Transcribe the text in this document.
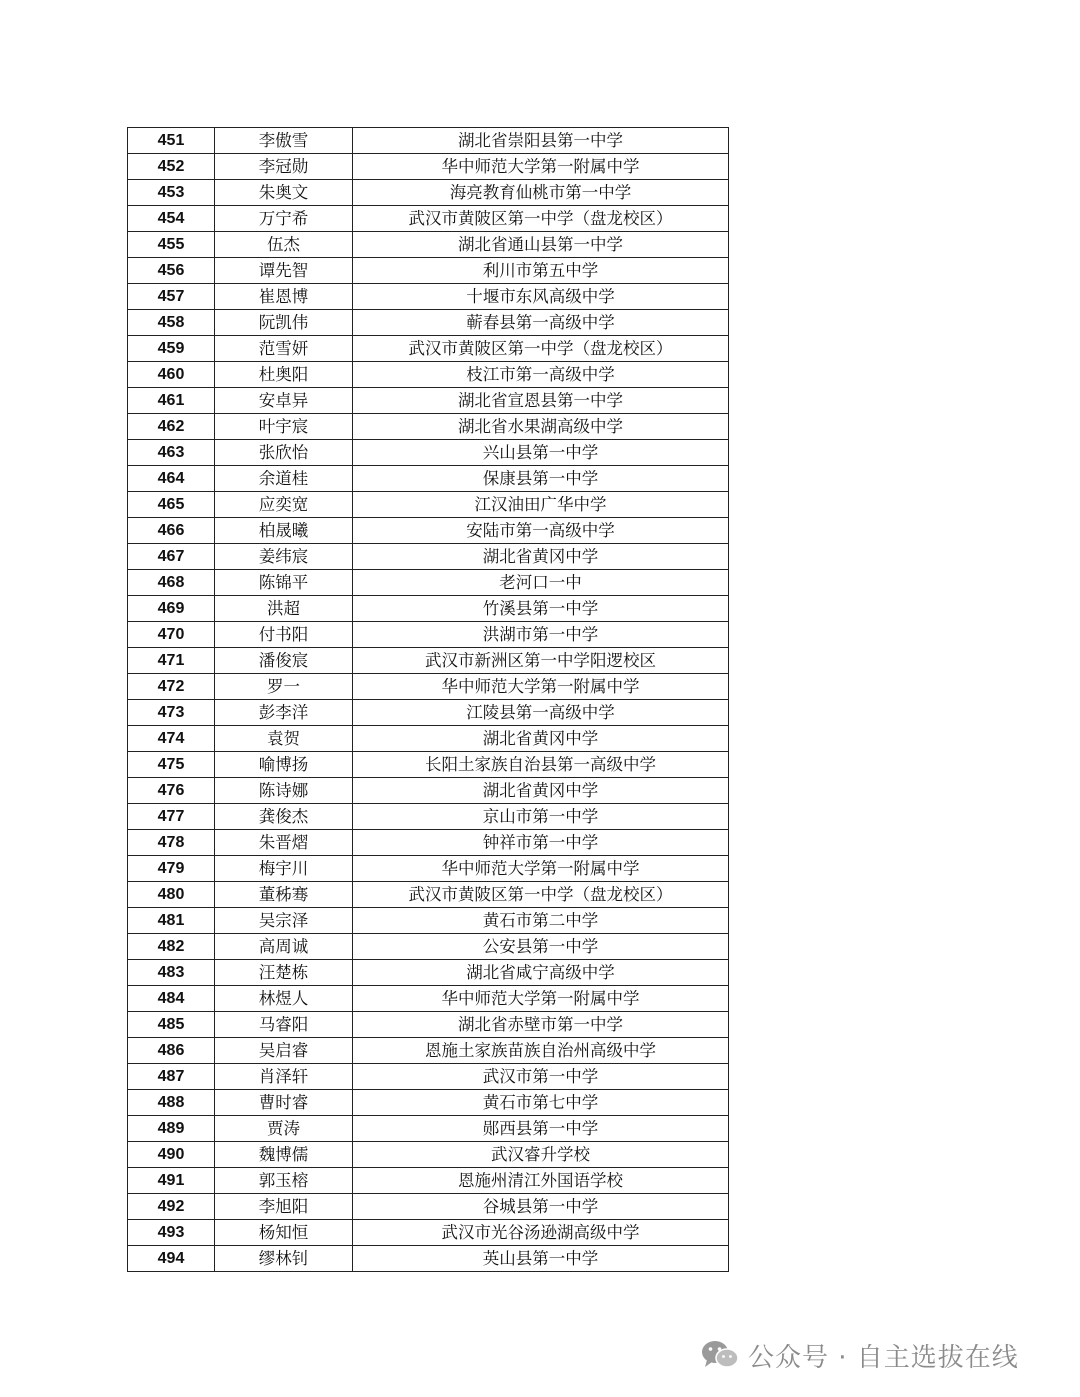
451	李傲雪	湖北省崇阳县第一中学
452	李冠勋	华中师范大学第一附属中学
453	朱奥文	海亮教育仙桃市第一中学
454	万宁希	武汉市黄陂区第一中学（盘龙校区）
455	伍杰	湖北省通山县第一中学
456	谭先智	利川市第五中学
457	崔恩博	十堰市东风高级中学
458	阮凯伟	蕲春县第一高级中学
459	范雪妍	武汉市黄陂区第一中学（盘龙校区）
460	杜奥阳	枝江市第一高级中学
461	安卓异	湖北省宣恩县第一中学
462	叶宇宸	湖北省水果湖高级中学
463	张欣怡	兴山县第一中学
464	余道桂	保康县第一中学
465	应奕宽	江汉油田广华中学
466	柏晟曦	安陆市第一高级中学
467	姜纬宸	湖北省黄冈中学
468	陈锦平	老河口一中
469	洪超	竹溪县第一中学
470	付书阳	洪湖市第一中学
471	潘俊宸	武汉市新洲区第一中学阳逻校区
472	罗一	华中师范大学第一附属中学
473	彭李洋	江陵县第一高级中学
474	袁贺	湖北省黄冈中学
475	喻博扬	长阳土家族自治县第一高级中学
476	陈诗娜	湖北省黄冈中学
477	龚俊杰	京山市第一中学
478	朱晋熠	钟祥市第一中学
479	梅宇川	华中师范大学第一附属中学
480	董秭骞	武汉市黄陂区第一中学（盘龙校区）
481	吴宗泽	黄石市第二中学
482	高周诚	公安县第一中学
483	汪楚栋	湖北省咸宁高级中学
484	林煜人	华中师范大学第一附属中学
485	马睿阳	湖北省赤壁市第一中学
486	吴启睿	恩施土家族苗族自治州高级中学
487	肖泽轩	武汉市第一中学
488	曹时睿	黄石市第七中学
489	贾涛	郧西县第一中学
490	魏博儒	武汉睿升学校
491	郭玉榕	恩施州清江外国语学校
492	李旭阳	谷城县第一中学
493	杨知恒	武汉市光谷汤逊湖高级中学
494	缪林钊	英山县第一中学
公众号 · 自主选拔在线
